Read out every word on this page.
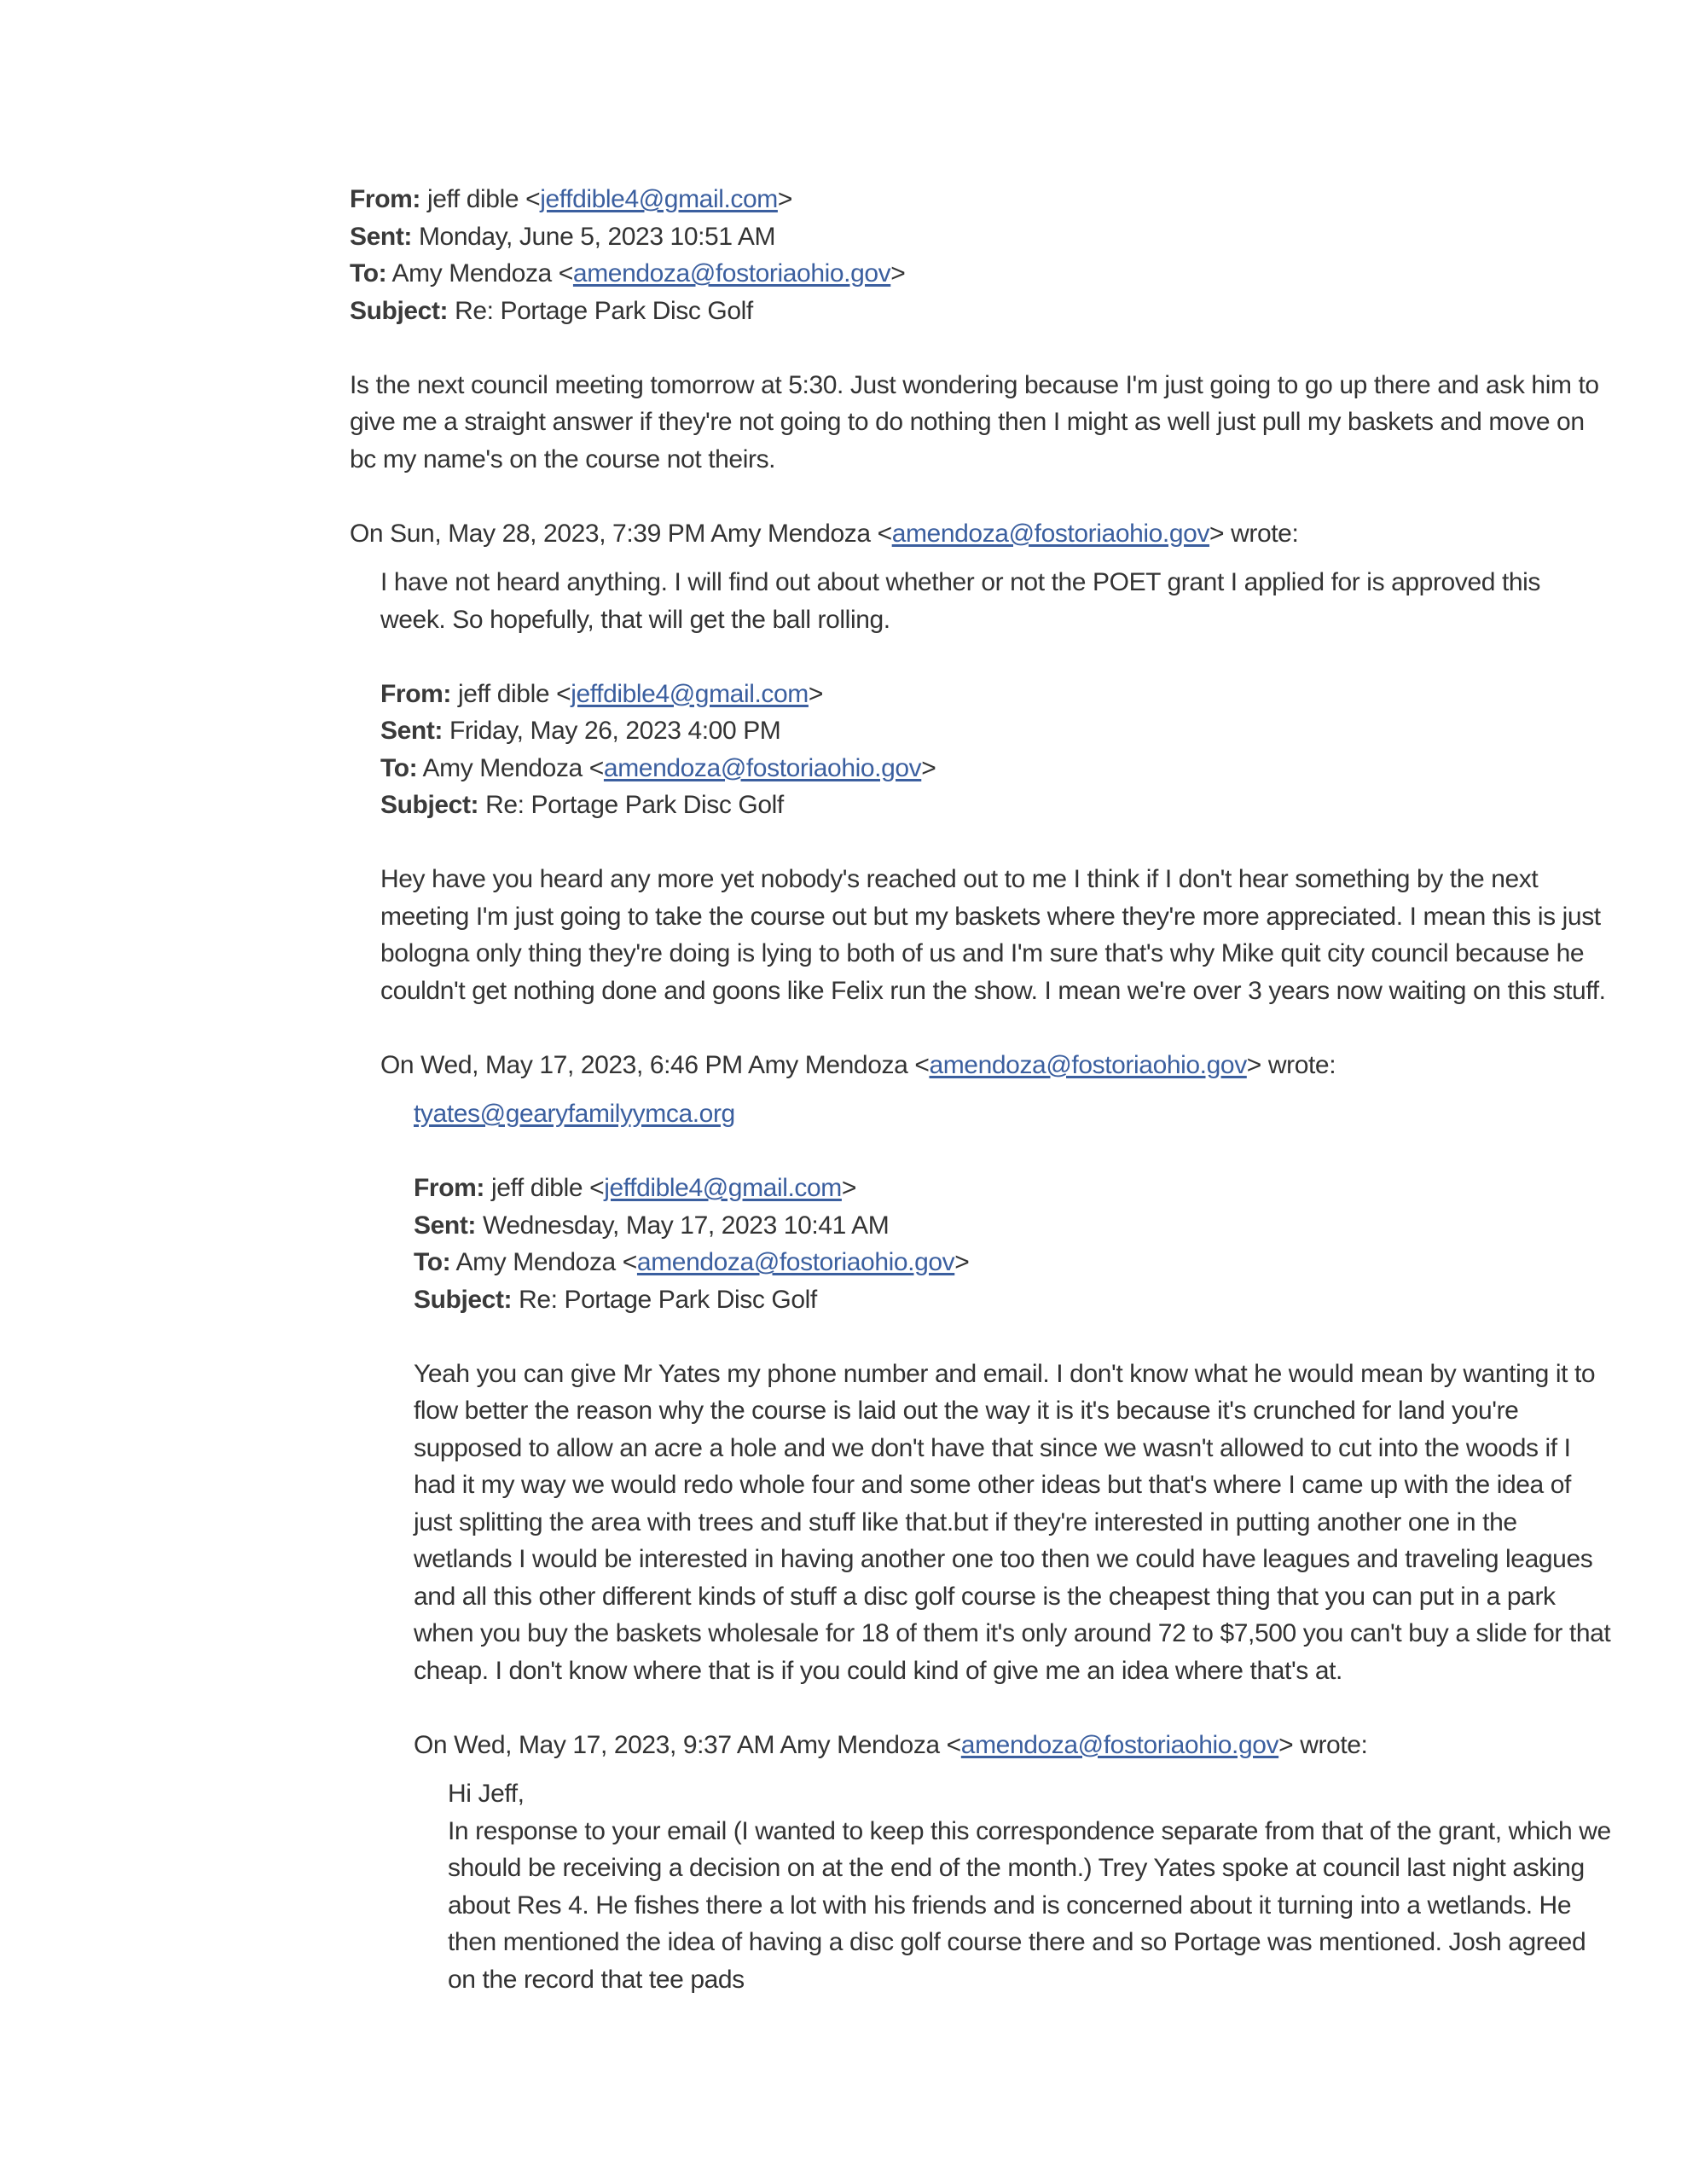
From: jeff dible <jeffdible4@gmail.com>
Sent: Monday, June 5, 2023 10:51 AM
To: Amy Mendoza <amendoza@fostoriaohio.gov>
Subject: Re: Portage Park Disc Golf

Is the next council meeting tomorrow at 5:30. Just wondering because I'm just going to go up there and ask him to give me a straight answer if they're not going to do nothing then I might as well just pull my baskets and move on bc my name's on the course not theirs.

On Sun, May 28, 2023, 7:39 PM Amy Mendoza <amendoza@fostoriaohio.gov> wrote:

I have not heard anything. I will find out about whether or not the POET grant I applied for is approved this week. So hopefully, that will get the ball rolling.

From: jeff dible <jeffdible4@gmail.com>
Sent: Friday, May 26, 2023 4:00 PM
To: Amy Mendoza <amendoza@fostoriaohio.gov>
Subject: Re: Portage Park Disc Golf

Hey have you heard any more yet nobody's reached out to me I think if I don't hear something by the next meeting I'm just going to take the course out but my baskets where they're more appreciated. I mean this is just bologna only thing they're doing is lying to both of us and I'm sure that's why Mike quit city council because he couldn't get nothing done and goons like Felix run the show. I mean we're over 3 years now waiting on this stuff.

On Wed, May 17, 2023, 6:46 PM Amy Mendoza <amendoza@fostoriaohio.gov> wrote:
tyates@gearyfamilyymca.org
From: jeff dible <jeffdible4@gmail.com>
Sent: Wednesday, May 17, 2023 10:41 AM
To: Amy Mendoza <amendoza@fostoriaohio.gov>
Subject: Re: Portage Park Disc Golf

Yeah you can give Mr Yates my phone number and email. I don't know what he would mean by wanting it to flow better the reason why the course is laid out the way it is it's because it's crunched for land you're supposed to allow an acre a hole and we don't have that since we wasn't allowed to cut into the woods if I had it my way we would redo whole four and some other ideas but that's where I came up with the idea of just splitting the area with trees and stuff like that.but if they're interested in putting another one in the wetlands I would be interested in having another one too then we could have leagues and traveling leagues and all this other different kinds of stuff a disc golf course is the cheapest thing that you can put in a park when you buy the baskets wholesale for 18 of them it's only around 72 to $7,500 you can't buy a slide for that cheap. I don't know where that is if you could kind of give me an idea where that's at.

On Wed, May 17, 2023, 9:37 AM Amy Mendoza <amendoza@fostoriaohio.gov> wrote:
Hi Jeff,

In response to your email (I wanted to keep this correspondence separate from that of the grant, which we should be receiving a decision on at the end of the month.) Trey Yates spoke at council last night asking about Res 4. He fishes there a lot with his friends and is concerned about it turning into a wetlands. He then mentioned the idea of having a disc golf course there and so Portage was mentioned. Josh agreed on the record that tee pads
